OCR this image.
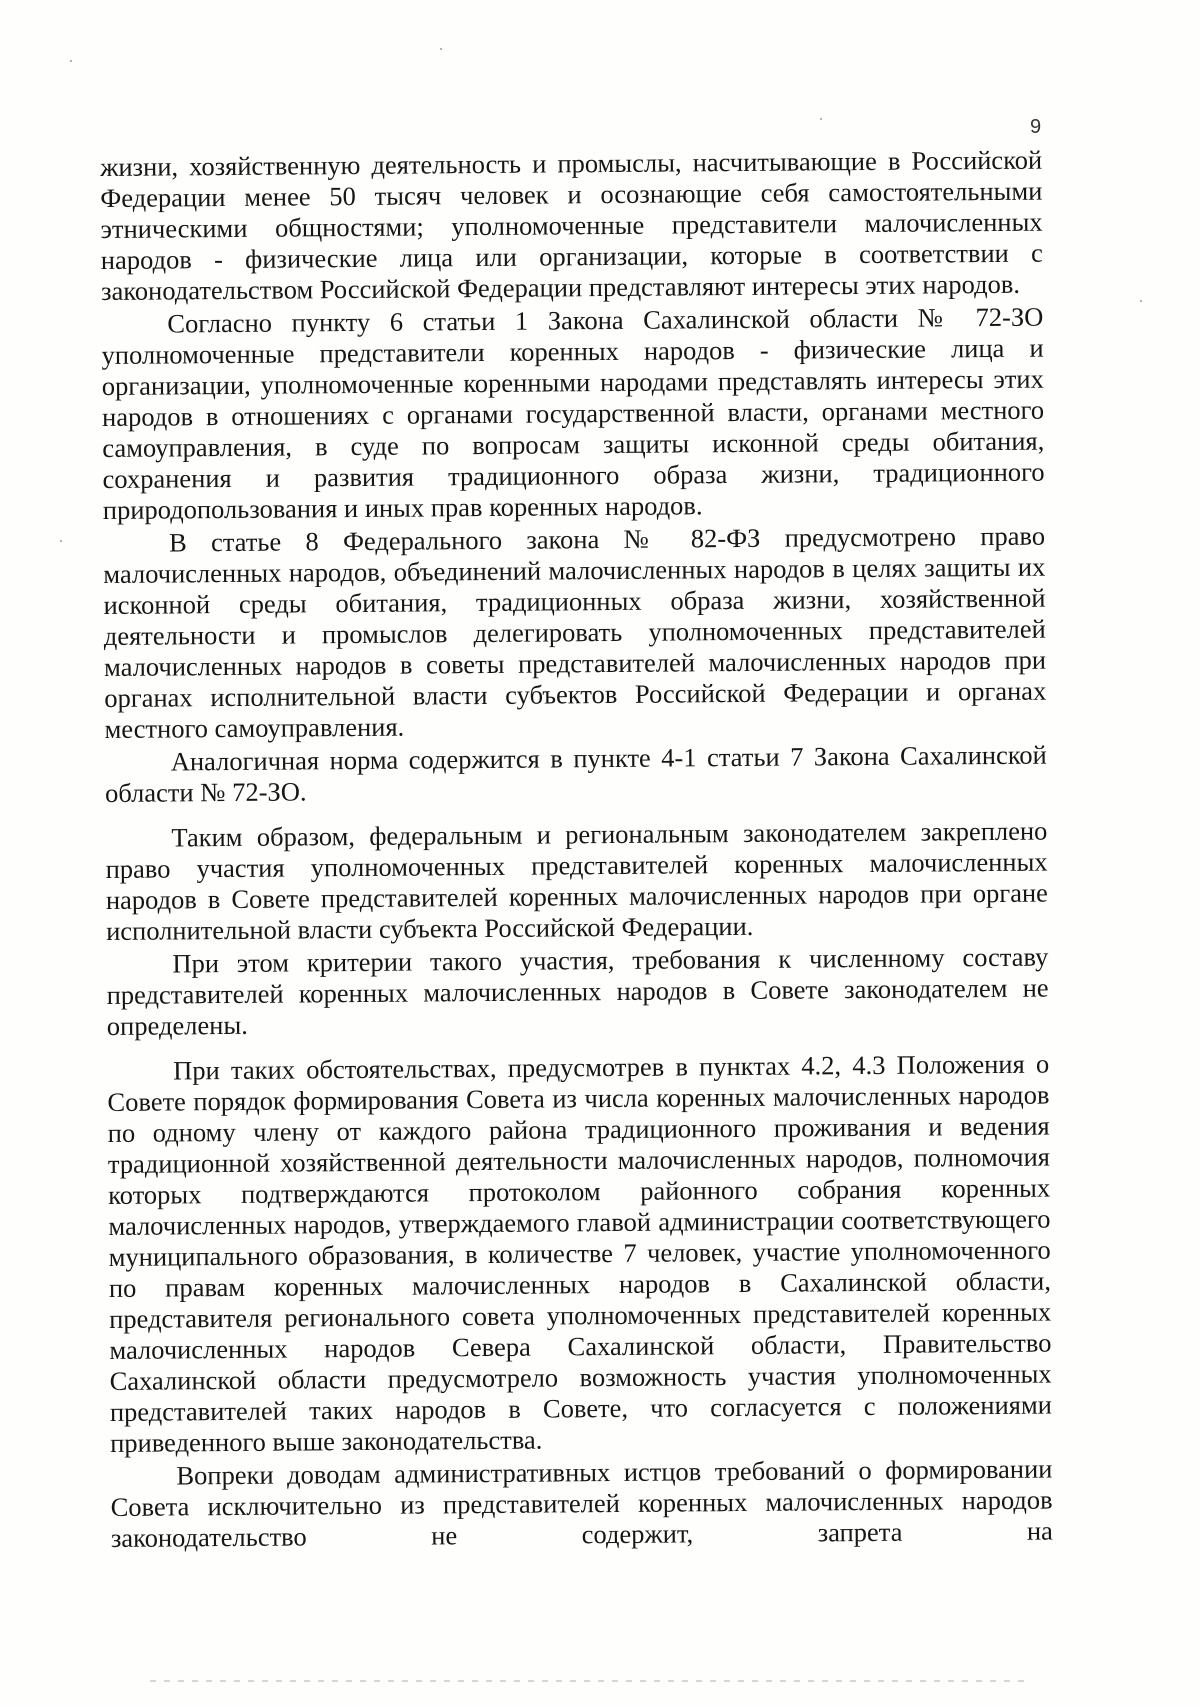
9

жизни, хозяйственную деятельность и промыслы, насчитывающие в Российской Федерации менее 50 тысяч человек и осознающие себя самостоятельными этническими общностями; уполномоченные представители малочисленных народов - физические лица или организации, которые в соответствии с законодательством Российской Федерации представляют интересы этих народов.

Согласно пункту 6 статьи 1 Закона Сахалинской области № 72-ЗО уполномоченные представители коренных народов - физические лица и организации, уполномоченные коренными народами представлять интересы этих народов в отношениях с органами государственной власти, органами местного самоуправления, в суде по вопросам защиты исконной среды обитания, сохранения и развития традиционного образа жизни, традиционного природопользования и иных прав коренных народов.

В статье 8 Федерального закона № 82-ФЗ предусмотрено право малочисленных народов, объединений малочисленных народов в целях защиты их исконной среды обитания, традиционных образа жизни, хозяйственной деятельности и промыслов делегировать уполномоченных представителей малочисленных народов в советы представителей малочисленных народов при органах исполнительной власти субъектов Российской Федерации и органах местного самоуправления.

Аналогичная норма содержится в пункте 4-1 статьи 7 Закона Сахалинской области № 72-ЗО.

Таким образом, федеральным и региональным законодателем закреплено право участия уполномоченных представителей коренных малочисленных народов в Совете представителей коренных малочисленных народов при органе исполнительной власти субъекта Российской Федерации.

При этом критерии такого участия, требования к численному составу представителей коренных малочисленных народов в Совете законодателем не определены.

При таких обстоятельствах, предусмотрев в пунктах 4.2, 4.3 Положения о Совете порядок формирования Совета из числа коренных малочисленных народов по одному члену от каждого района традиционного проживания и ведения традиционной хозяйственной деятельности малочисленных народов, полномочия которых подтверждаются протоколом районного собрания коренных малочисленных народов, утверждаемого главой администрации соответствующего муниципального образования, в количестве 7 человек, участие уполномоченного по правам коренных малочисленных народов в Сахалинской области, представителя регионального совета уполномоченных представителей коренных малочисленных народов Севера Сахалинской области, Правительство Сахалинской области предусмотрело возможность участия уполномоченных представителей таких народов в Совете, что согласуется с положениями приведенного выше законодательства.

Вопреки доводам административных истцов требований о формировании Совета исключительно из представителей коренных малочисленных народов законодательство не содержит, запрета на
